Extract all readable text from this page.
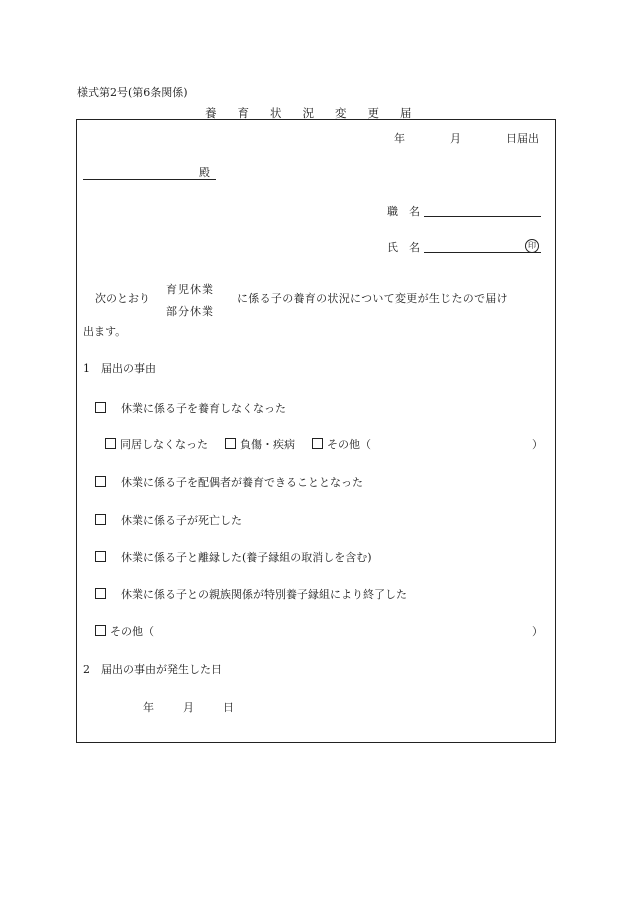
様式第2号(第6条関係)
養 育 状 況 変 更 届
年	月	日届出
殿
職　名
氏　名	印
次のとおり
育児休業
部分休業
に係る子の養育の状況について変更が生じたので届け
出ます。
1　届出の事由
　休業に係る子を養育しなくなった
同居しなくなった	負傷・疾病	その他（	）
　休業に係る子を配偶者が養育できることとなった
　休業に係る子が死亡した
　休業に係る子と離縁した(養子縁組の取消しを含む)
　休業に係る子との親族関係が特別養子縁組により終了した
その他（	）
2　届出の事由が発生した日
年	月	日
